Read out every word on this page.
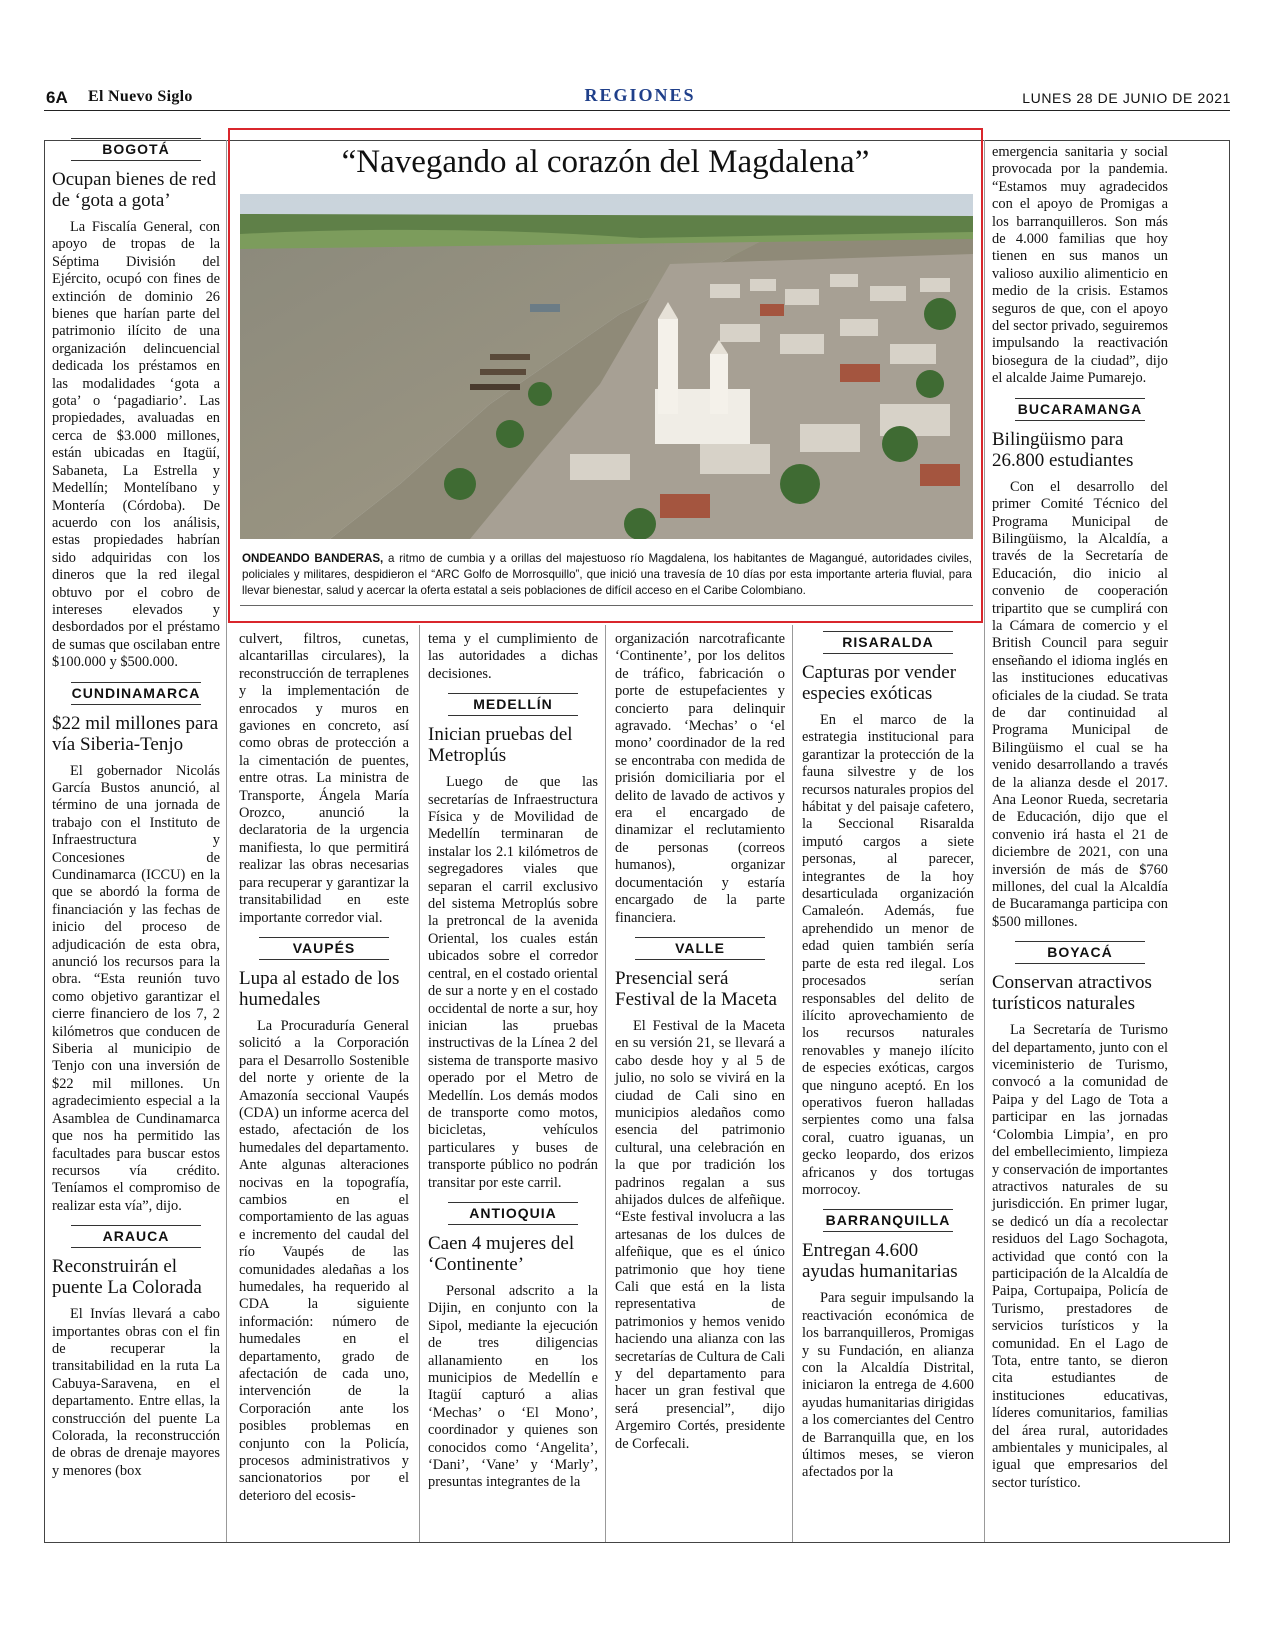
6A El Nuevo Siglo	REGIONES	LUNES 28 DE JUNIO DE 2021
“Navegando al corazón del Magdalena”
ONDEANDO BANDERAS, a ritmo de cumbia y a orillas del majestuoso río Magdalena, los habitantes de Magangué, autoridades civiles, policiales y militares, despidieron el “ARC Golfo de Morrosquillo”, que inició una travesía de 10 días por esta importante arteria fluvial, para llevar bienestar, salud y acercar la oferta estatal a seis poblaciones de difícil acceso en el Caribe Colombiano.
BOGOTÁ
Ocupan bienes de red de ‘gota a gota’

La Fiscalía General, con apoyo de tropas de la Séptima División del Ejército, ocupó con fines de extinción de dominio 26 bienes que harían parte del patrimonio ilícito de una organización delincuencial dedicada los préstamos en las modalidades ‘gota a gota’ o ‘pagadiario’. Las propiedades, avaluadas en cerca de $3.000 millones, están ubicadas en Itagüí, Sabaneta, La Estrella y Medellín; Montelíbano y Montería (Córdoba). De acuerdo con los análisis, estas propiedades habrían sido adquiridas con los dineros que la red ilegal obtuvo por el cobro de intereses elevados y desbordados por el préstamo de sumas que oscilaban entre $100.000 y $500.000.

CUNDINAMARCA
$22 mil millones para vía Siberia-Tenjo

El gobernador Nicolás García Bustos anunció, al término de una jornada de trabajo con el Instituto de Infraestructura y Concesiones de Cundinamarca (ICCU) en la que se abordó la forma de financiación y las fechas de inicio del proceso de adjudicación de esta obra, anunció los recursos para la obra. “Esta reunión tuvo como objetivo garantizar el cierre financiero de los 7, 2 kilómetros que conducen de Siberia al municipio de Tenjo con una inversión de $22 mil millones. Un agradecimiento especial a la Asamblea de Cundinamarca que nos ha permitido las facultades para buscar estos recursos vía crédito. Teníamos el compromiso de realizar esta vía”, dijo.

ARAUCA
Reconstruirán el puente La Colorada

El Invías llevará a cabo importantes obras con el fin de recuperar la transitabilidad en la ruta La Cabuya-Saravena, en el departamento. Entre ellas, la construcción del puente La Colorada, la reconstrucción de obras de drenaje mayores y menores (box

culvert, filtros, cunetas, alcantarillas circulares), la reconstrucción de terraplenes y la implementación de enrocados y muros en gaviones en concreto, así como obras de protección a la cimentación de puentes, entre otras. La ministra de Transporte, Ángela María Orozco, anunció la declaratoria de la urgencia manifiesta, lo que permitirá realizar las obras necesarias para recuperar y garantizar la transitabilidad en este importante corredor vial.

VAUPÉS
Lupa al estado de los humedales

La Procuraduría General solicitó a la Corporación para el Desarrollo Sostenible del norte y oriente de la Amazonía seccional Vaupés (CDA) un informe acerca del estado, afectación de los humedales del departamento. Ante algunas alteraciones nocivas en la topografía, cambios en el comportamiento de las aguas e incremento del caudal del río Vaupés de las comunidades aledañas a los humedales, ha requerido al CDA la siguiente información: número de humedales en el departamento, grado de afectación de cada uno, intervención de la Corporación ante los posibles problemas en conjunto con la Policía, procesos administrativos y sancionatorios por el deterioro del ecosis-

tema y el cumplimiento de las autoridades a dichas decisiones.

MEDELLÍN
Inician pruebas del Metroplús

Luego de que las secretarías de Infraestructura Física y de Movilidad de Medellín terminaran de instalar los 2.1 kilómetros de segregadores viales que separan el carril exclusivo del sistema Metroplús sobre la pretroncal de la avenida Oriental, los cuales están ubicados sobre el corredor central, en el costado oriental de sur a norte y en el costado occidental de norte a sur, hoy inician las pruebas instructivas de la Línea 2 del sistema de transporte masivo operado por el Metro de Medellín. Los demás modos de transporte como motos, bicicletas, vehículos particulares y buses de transporte público no podrán transitar por este carril.

ANTIOQUIA
Caen 4 mujeres del ‘Continente’

Personal adscrito a la Dijin, en conjunto con la Sipol, mediante la ejecución de tres diligencias allanamiento en los municipios de Medellín e Itagüí capturó a alias ‘Mechas’ o ‘El Mono’, coordinador y quienes son conocidos como ‘Angelita’, ‘Dani’, ‘Vane’ y ‘Marly’, presuntas integrantes de la

organización narcotraficante ‘Continente’, por los delitos de tráfico, fabricación o porte de estupefacientes y concierto para delinquir agravado. ‘Mechas’ o ‘el mono’ coordinador de la red se encontraba con medida de prisión domiciliaria por el delito de lavado de activos y era el encargado de dinamizar el reclutamiento de personas (correos humanos), organizar documentación y estaría encargado de la parte financiera.

VALLE
Presencial será Festival de la Maceta

El Festival de la Maceta en su versión 21, se llevará a cabo desde hoy y al 5 de julio, no solo se vivirá en la ciudad de Cali sino en municipios aledaños como esencia del patrimonio cultural, una celebración en la que por tradición los padrinos regalan a sus ahijados dulces de alfeñique. “Este festival involucra a las artesanas de los dulces de alfeñique, que es el único patrimonio que hoy tiene Cali que está en la lista representativa de patrimonios y hemos venido haciendo una alianza con las secretarías de Cultura de Cali y del departamento para hacer un gran festival que será presencial”, dijo Argemiro Cortés, presidente de Corfecali.

RISARALDA
Capturas por vender especies exóticas

En el marco de la estrategia institucional para garantizar la protección de la fauna silvestre y de los recursos naturales propios del hábitat y del paisaje cafetero, la Seccional Risaralda imputó cargos a siete personas, al parecer, integrantes de la hoy desarticulada organización Camaleón. Además, fue aprehendido un menor de edad quien también sería parte de esta red ilegal. Los procesados serían responsables del delito de ilícito aprovechamiento de los recursos naturales renovables y manejo ilícito de especies exóticas, cargos que ninguno aceptó. En los operativos fueron halladas serpientes como una falsa coral, cuatro iguanas, un gecko leopardo, dos erizos africanos y dos tortugas morrocoy.

BARRANQUILLA
Entregan 4.600 ayudas humanitarias

Para seguir impulsando la reactivación económica de los barranquilleros, Promigas y su Fundación, en alianza con la Alcaldía Distrital, iniciaron la entrega de 4.600 ayudas humanitarias dirigidas a los comerciantes del Centro de Barranquilla que, en los últimos meses, se vieron afectados por la

emergencia sanitaria y social provocada por la pandemia. “Estamos muy agradecidos con el apoyo de Promigas a los barranquilleros. Son más de 4.000 familias que hoy tienen en sus manos un valioso auxilio alimenticio en medio de la crisis. Estamos seguros de que, con el apoyo del sector privado, seguiremos impulsando la reactivación biosegura de la ciudad”, dijo el alcalde Jaime Pumarejo.

BUCARAMANGA
Bilingüismo para 26.800 estudiantes

Con el desarrollo del primer Comité Técnico del Programa Municipal de Bilingüismo, la Alcaldía, a través de la Secretaría de Educación, dio inicio al convenio de cooperación tripartito que se cumplirá con la Cámara de comercio y el British Council para seguir enseñando el idioma inglés en las instituciones educativas oficiales de la ciudad. Se trata de dar continuidad al Programa Municipal de Bilingüismo el cual se ha venido desarrollando a través de la alianza desde el 2017. Ana Leonor Rueda, secretaria de Educación, dijo que el convenio irá hasta el 21 de diciembre de 2021, con una inversión de más de $760 millones, del cual la Alcaldía de Bucaramanga participa con $500 millones.

BOYACÁ
Conservan atractivos turísticos naturales

La Secretaría de Turismo del departamento, junto con el viceministerio de Turismo, convocó a la comunidad de Paipa y del Lago de Tota a participar en las jornadas ‘Colombia Limpia’, en pro del embellecimiento, limpieza y conservación de importantes atractivos naturales de su jurisdicción. En primer lugar, se dedicó un día a recolectar residuos del Lago Sochagota, actividad que contó con la participación de la Alcaldía de Paipa, Cortupaipa, Policía de Turismo, prestadores de servicios turísticos y la comunidad. En el Lago de Tota, entre tanto, se dieron cita estudiantes de instituciones educativas, líderes comunitarios, familias del área rural, autoridades ambientales y municipales, al igual que empresarios del sector turístico.
